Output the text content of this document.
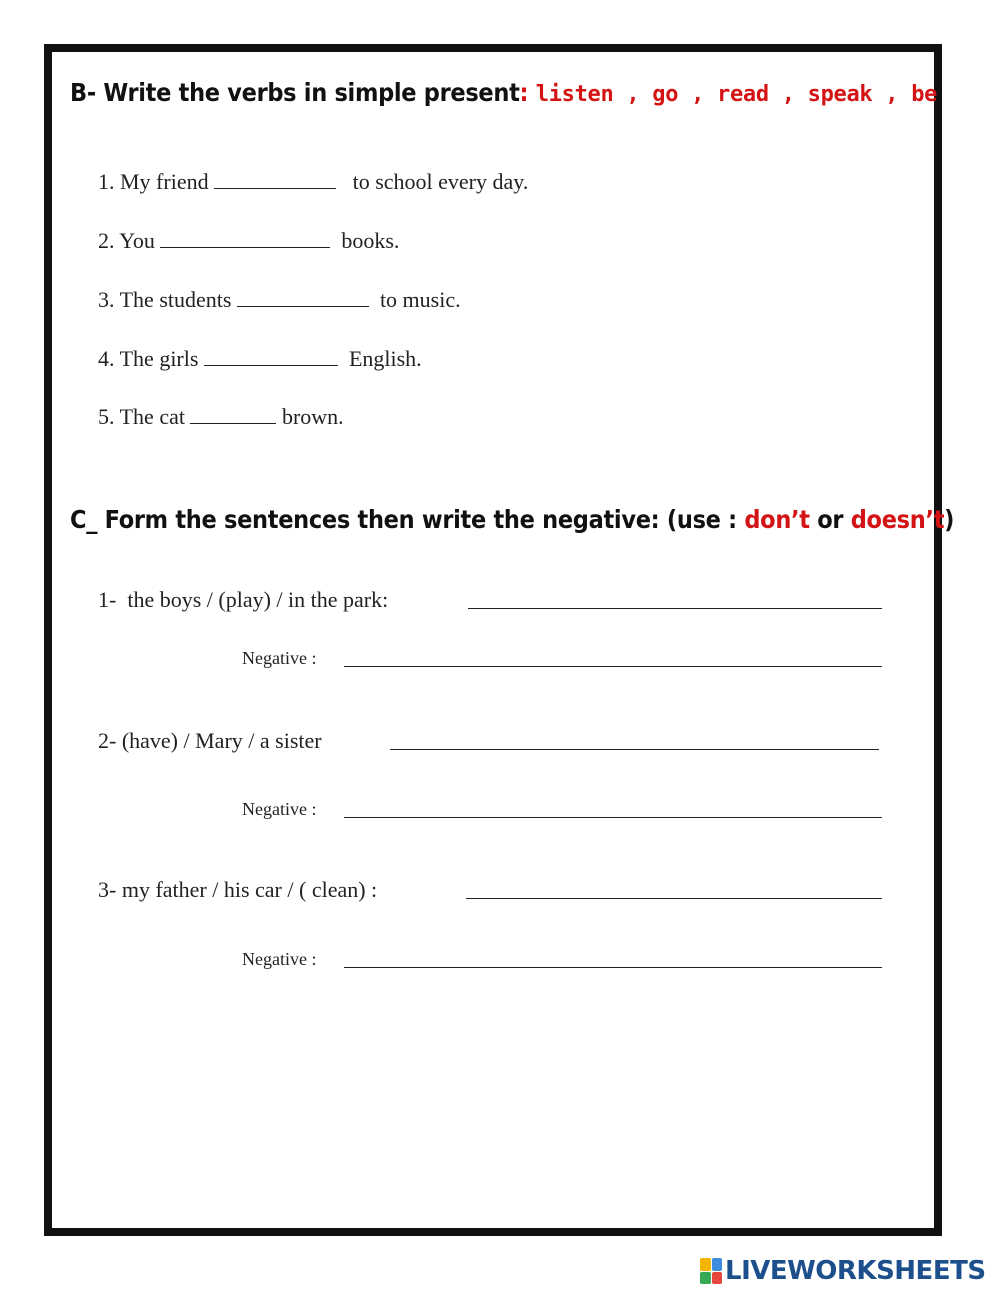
B- Write the verbs in simple present: listen , go , read , speak , be
1. My friend	to school every day.
2. You	books.
3. The students	to music.
4. The girls	English.
5. The cat	brown.
C_ Form the sentences then write the negative: (use : don’t or doesn’t)
1- the boys / (play) / in the park:
Negative :
2- (have) / Mary / a sister
Negative :
3- my father / his car / ( clean) :
Negative :
LIVEWORKSHEETS
